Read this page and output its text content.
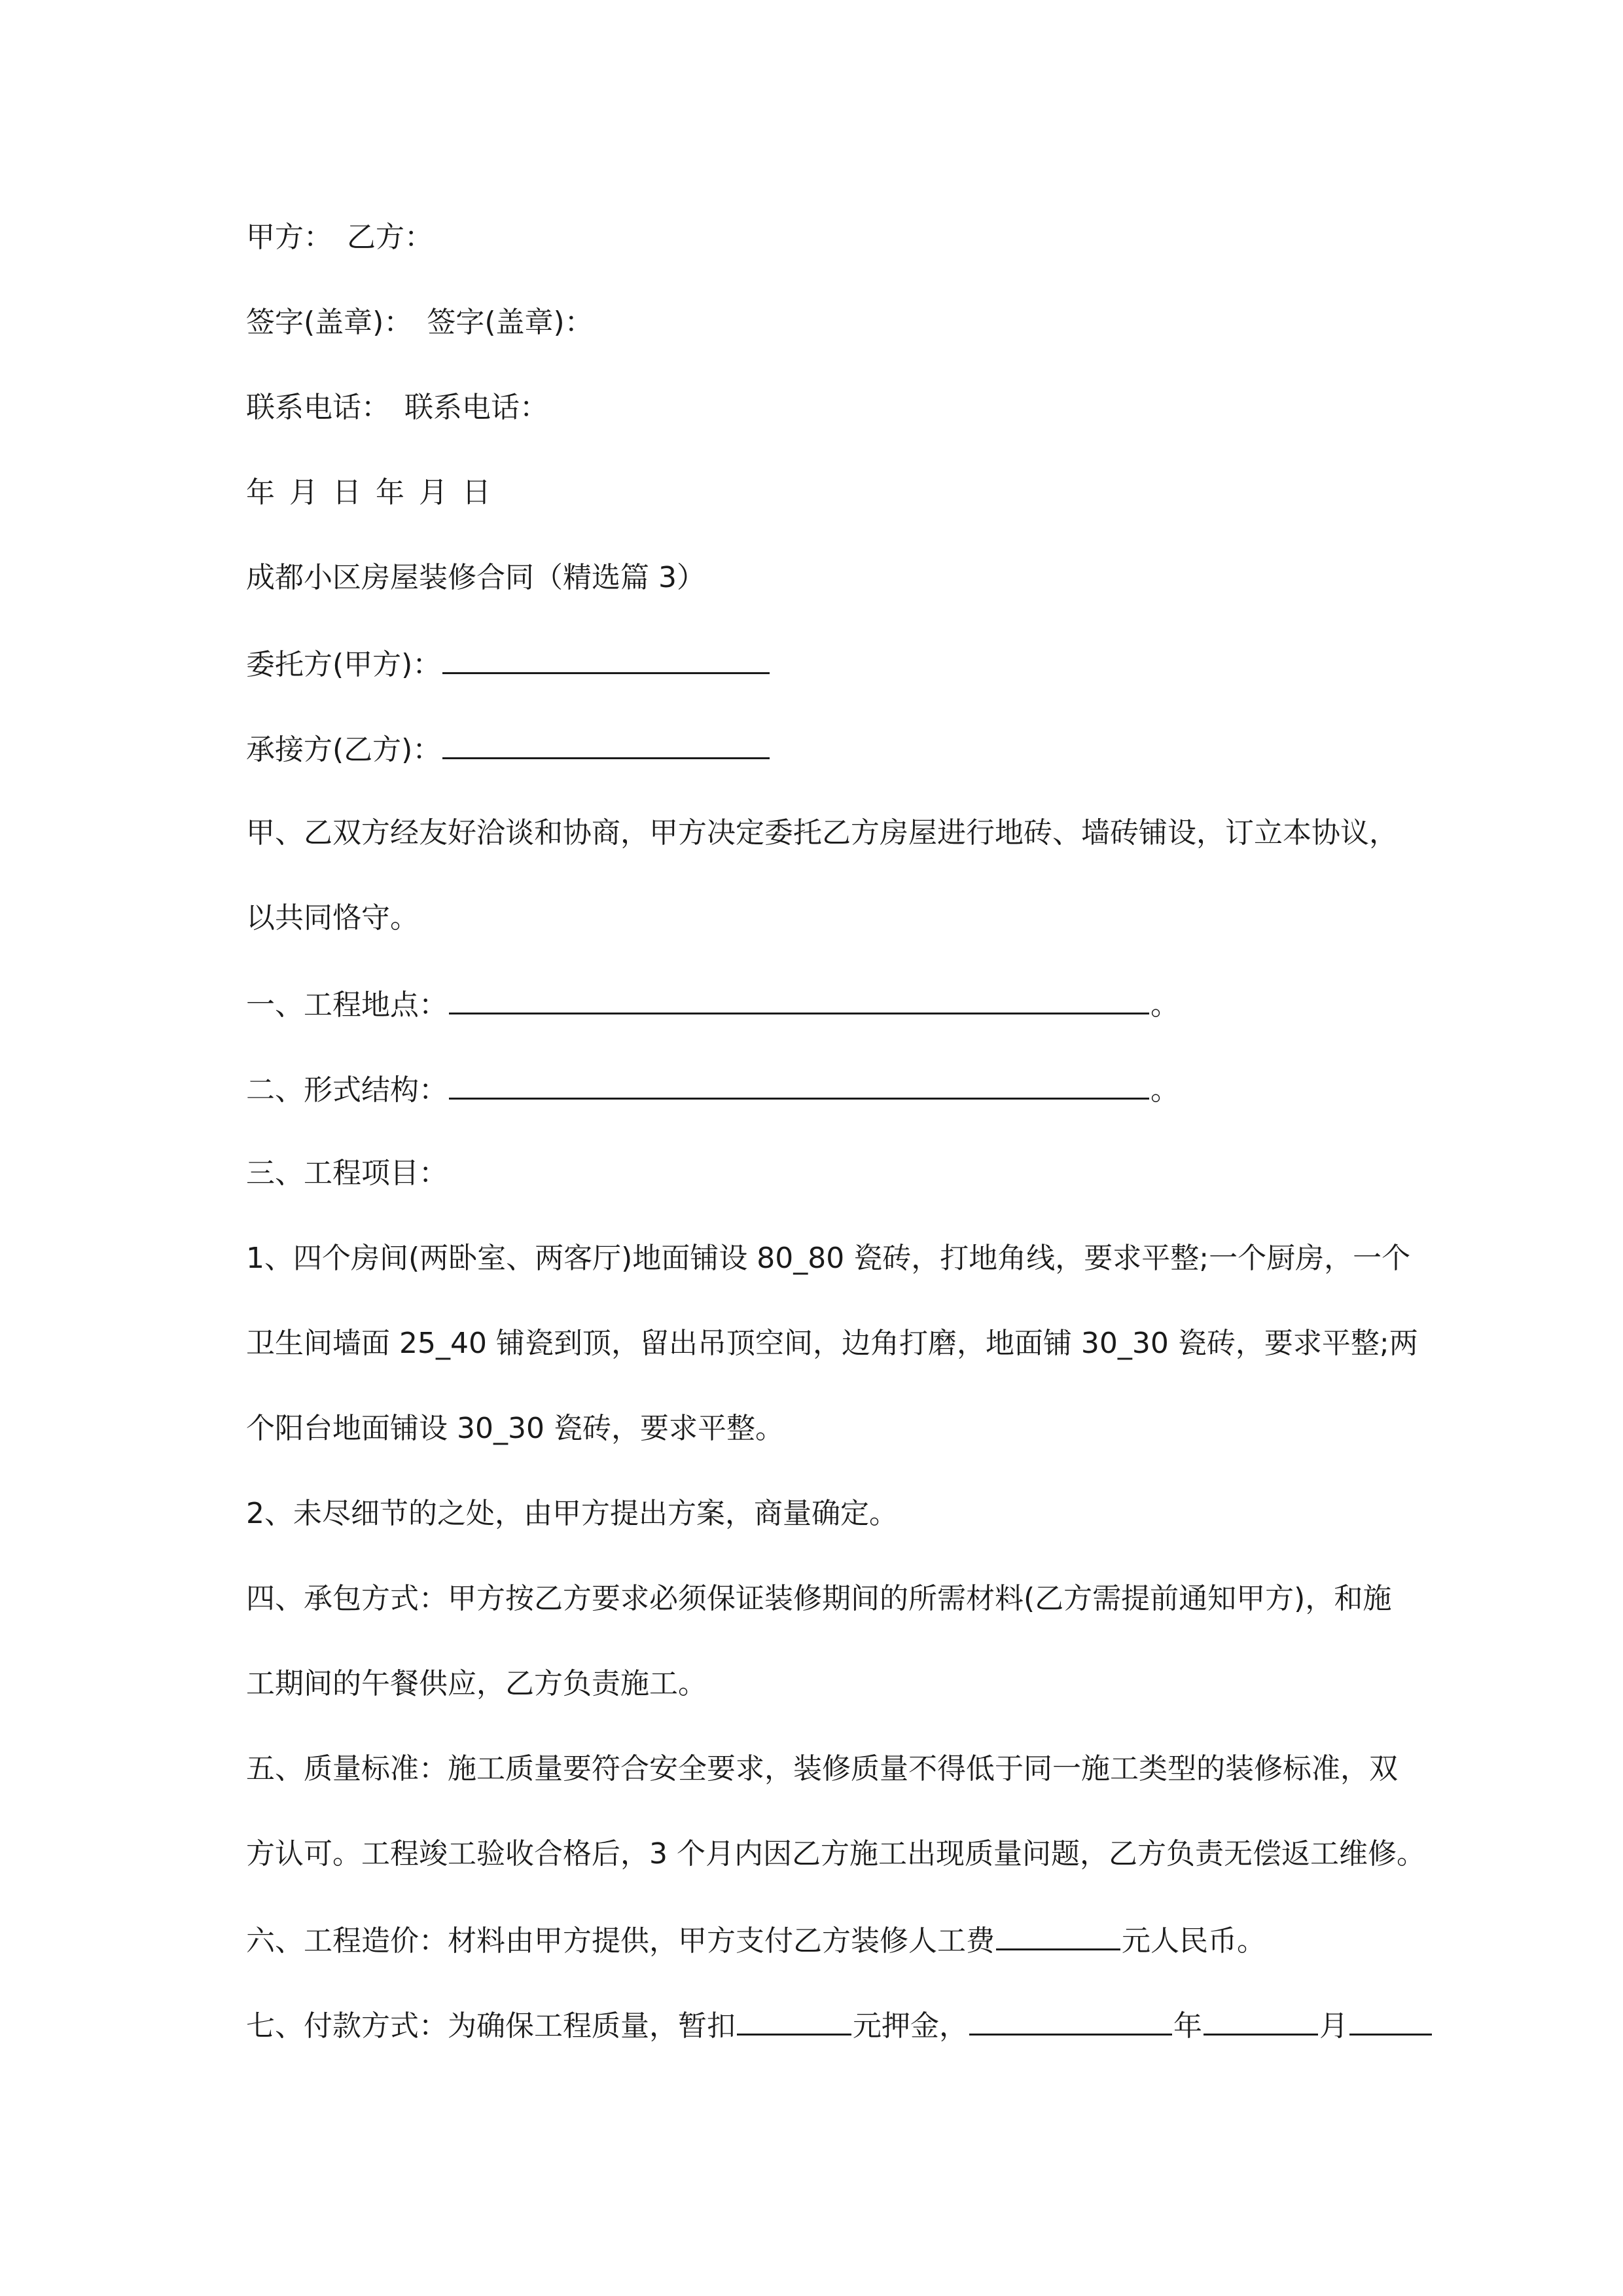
甲方： 乙方：
签字(盖章)： 签字(盖章)：
联系电话： 联系电话：
年 月 日 年 月 日
成都小区房屋装修合同（精选篇 3）
委托方(甲方)：
承接方(乙方)：
甲、乙双方经友好洽谈和协商，甲方决定委托乙方房屋进行地砖、墙砖铺设，订立本协议，
以共同恪守。
一、工程地点：	。
二、形式结构：	。
三、工程项目：
1、四个房间(两卧室、两客厅)地面铺设 80_80 瓷砖，打地角线，要求平整;一个厨房，一个
卫生间墙面 25_40 铺瓷到顶，留出吊顶空间，边角打磨，地面铺 30_30 瓷砖，要求平整;两
个阳台地面铺设 30_30 瓷砖，要求平整。
2、未尽细节的之处，由甲方提出方案，商量确定。
四、承包方式：甲方按乙方要求必须保证装修期间的所需材料(乙方需提前通知甲方)，和施
工期间的午餐供应，乙方负责施工。
五、质量标准：施工质量要符合安全要求，装修质量不得低于同一施工类型的装修标准，双
方认可。工程竣工验收合格后，3 个月内因乙方施工出现质量问题，乙方负责无偿返工维修。
六、工程造价：材料由甲方提供，甲方支付乙方装修人工费	元人民币。
七、付款方式：为确保工程质量，暂扣	元押金，	年	月
